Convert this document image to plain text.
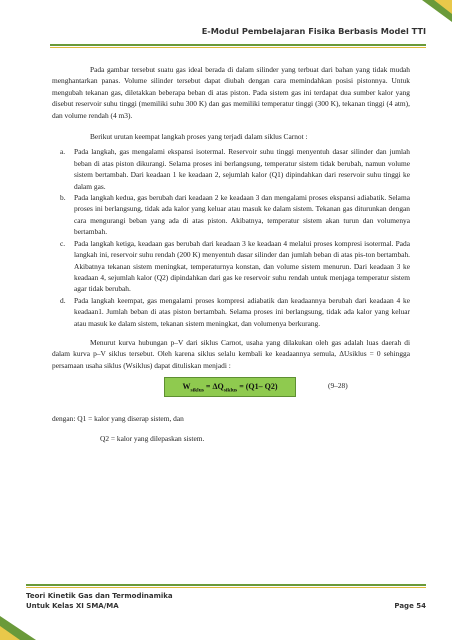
E-Modul Pembelajaran Fisika Berbasis Model TTI

Pada gambar tersebut suatu gas ideal berada di dalam silinder yang terbuat dari bahan yang tidak mudah menghantarkan panas. Volume silinder tersebut dapat diubah dengan cara memindahkan posisi pistonnya. Untuk mengubah tekanan gas, diletakkan beberapa beban di atas piston. Pada sistem gas ini terdapat dua sumber kalor yang disebut reservoir suhu tinggi (memiliki suhu 300 K) dan gas memiliki temperatur tinggi (300 K), tekanan tinggi (4 atm), dan volume rendah (4 m3).

Berikut urutan keempat langkah proses yang terjadi dalam siklus Carnot :

a. Pada langkah, gas mengalami ekspansi isotermal. Reservoir suhu tinggi menyentuh dasar silinder dan jumlah beban di atas piston dikurangi. Selama proses ini berlangsung, temperatur sistem tidak berubah, namun volume sistem bertambah. Dari keadaan 1 ke keadaan 2, sejumlah kalor (Q1) dipindahkan dari reservoir suhu tinggi ke dalam gas.
b. Pada langkah kedua, gas berubah dari keadaan 2 ke keadaan 3 dan mengalami proses ekspansi adiabatik. Selama proses ini berlangsung, tidak ada kalor yang keluar atau masuk ke dalam sistem. Tekanan gas diturunkan dengan cara mengurangi beban yang ada di atas piston. Akibatnya, temperatur sistem akan turun dan volumenya bertambah.
c. Pada langkah ketiga, keadaan gas berubah dari keadaan 3 ke keadaan 4 melalui proses kompresi isotermal. Pada langkah ini, reservoir suhu rendah (200 K) menyentuh dasar silinder dan jumlah beban di atas pis-ton bertambah. Akibatnya tekanan sistem meningkat, temperaturnya konstan, dan volume sistem menurun. Dari keadaan 3 ke keadaan 4, sejumlah kalor (Q2) dipindahkan dari gas ke reservoir suhu rendah untuk menjaga temperatur sistem agar tidak berubah.
d. Pada langkah keempat, gas mengalami proses kompresi adiabatik dan keadaannya berubah dari keadaan 4 ke keadaan1. Jumlah beban di atas piston bertambah. Selama proses ini berlangsung, tidak ada kalor yang keluar atau masuk ke dalam sistem, tekanan sistem meningkat, dan volumenya berkurang.

Menurut kurva hubungan p–V dari siklus Carnot, usaha yang dilakukan oleh gas adalah luas daerah di dalam kurva p–V siklus tersebut. Oleh karena siklus selalu kembali ke keadaannya semula, ΔUsiklus = 0 sehingga persamaan usaha siklus (Wsiklus) dapat dituliskan menjadi :

$W_{siklus} = \Delta Q_{siklus} = (Q1-$ Q2)	(9–28)

dengan: Q1 = kalor yang diserap sistem, dan

Q2 = kalor yang dilepaskan sistem.

Teori Kinetik Gas dan Termodinamika
Untuk Kelas XI SMA/MA	Page 54
